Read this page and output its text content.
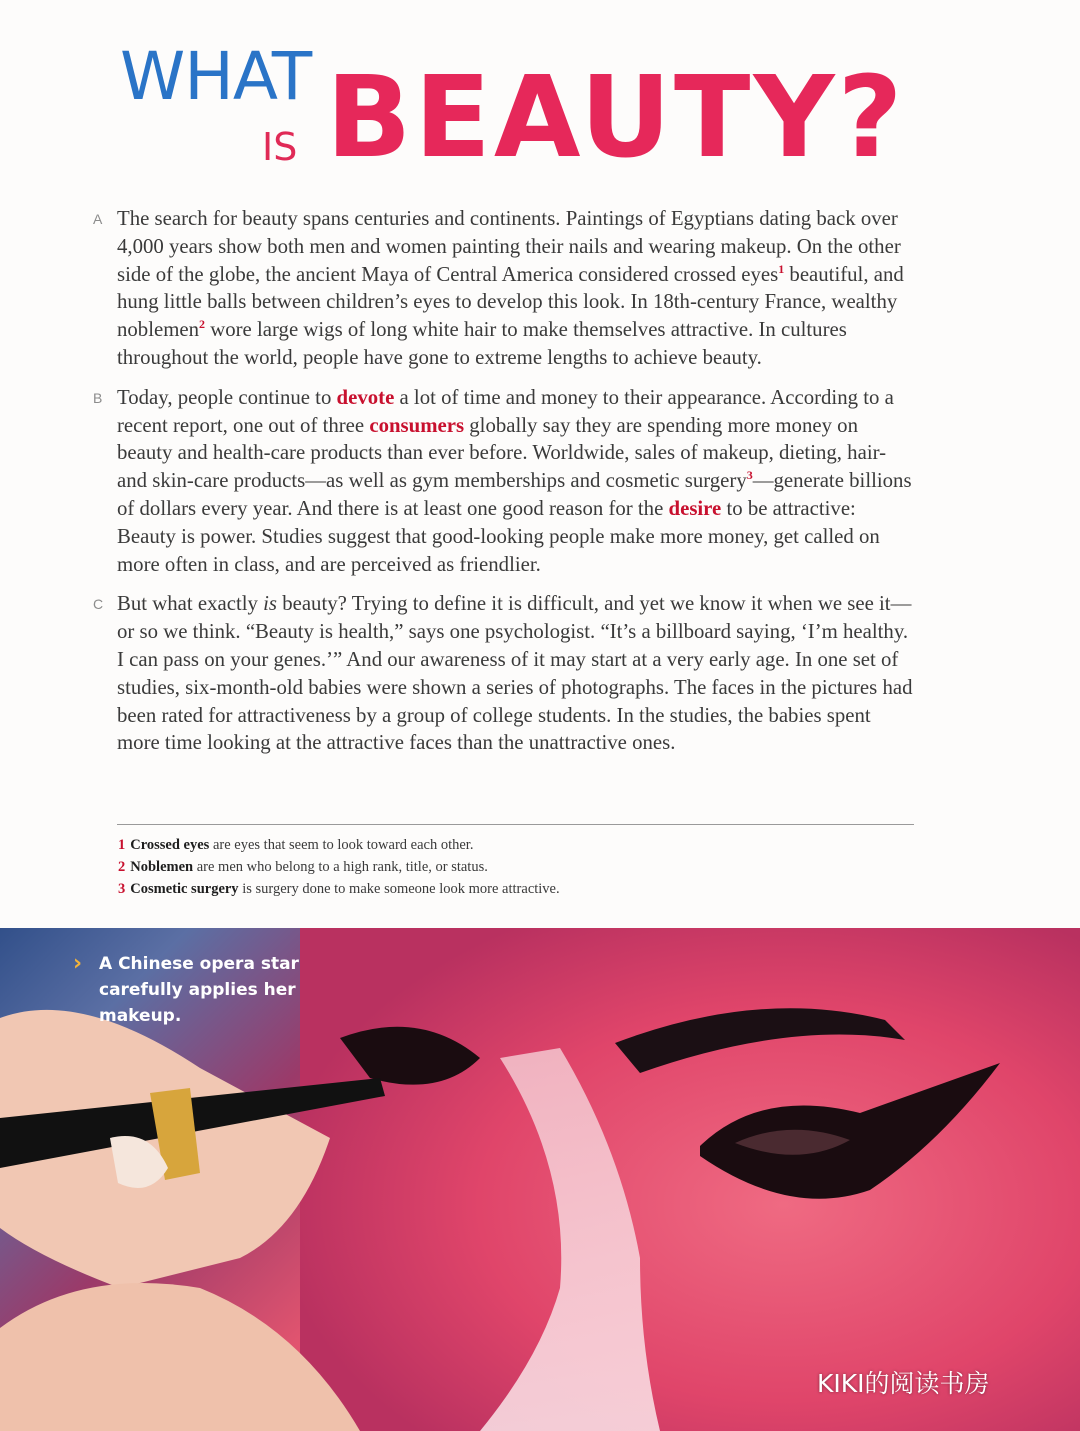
WHAT
IS BEAUTY?
A The search for beauty spans centuries and continents. Paintings of Egyptians dating back over 4,000 years show both men and women painting their nails and wearing makeup. On the other side of the globe, the ancient Maya of Central America considered crossed eyes$^1$ beautiful, and hung little balls between children’s eyes to develop this look. In 18th-century France, wealthy noblemen$^2$ wore large wigs of long white hair to make themselves attractive. In cultures throughout the world, people have gone to extreme lengths to achieve beauty.

B Today, people continue to devote a lot of time and money to their appearance. According to a recent report, one out of three consumers globally say they are spending more money on beauty and health-care products than ever before. Worldwide, sales of makeup, dieting, hair- and skin-care products—as well as gym memberships and cosmetic surgery$^3$—generate billions of dollars every year. And there is at least one good reason for the desire to be attractive: Beauty is power. Studies suggest that good-looking people make more money, get called on more often in class, and are perceived as friendlier.

C But what exactly is beauty? Trying to define it is difficult, and yet we know it when we see it—or so we think. “Beauty is health,” says one psychologist. “It’s a billboard saying, ‘I’m healthy. I can pass on your genes.’” And our awareness of it may start at a very early age. In one set of studies, six-month-old babies were shown a series of photographs. The faces in the pictures had been rated for attractiveness by a group of college students. In the studies, the babies spent more time looking at the attractive faces than the unattractive ones.

1 Crossed eyes are eyes that seem to look toward each other.
2 Noblemen are men who belong to a high rank, title, or status.
3 Cosmetic surgery is surgery done to make someone look more attractive.
› A Chinese opera star carefully applies her makeup.
KIKI的阅读书房
